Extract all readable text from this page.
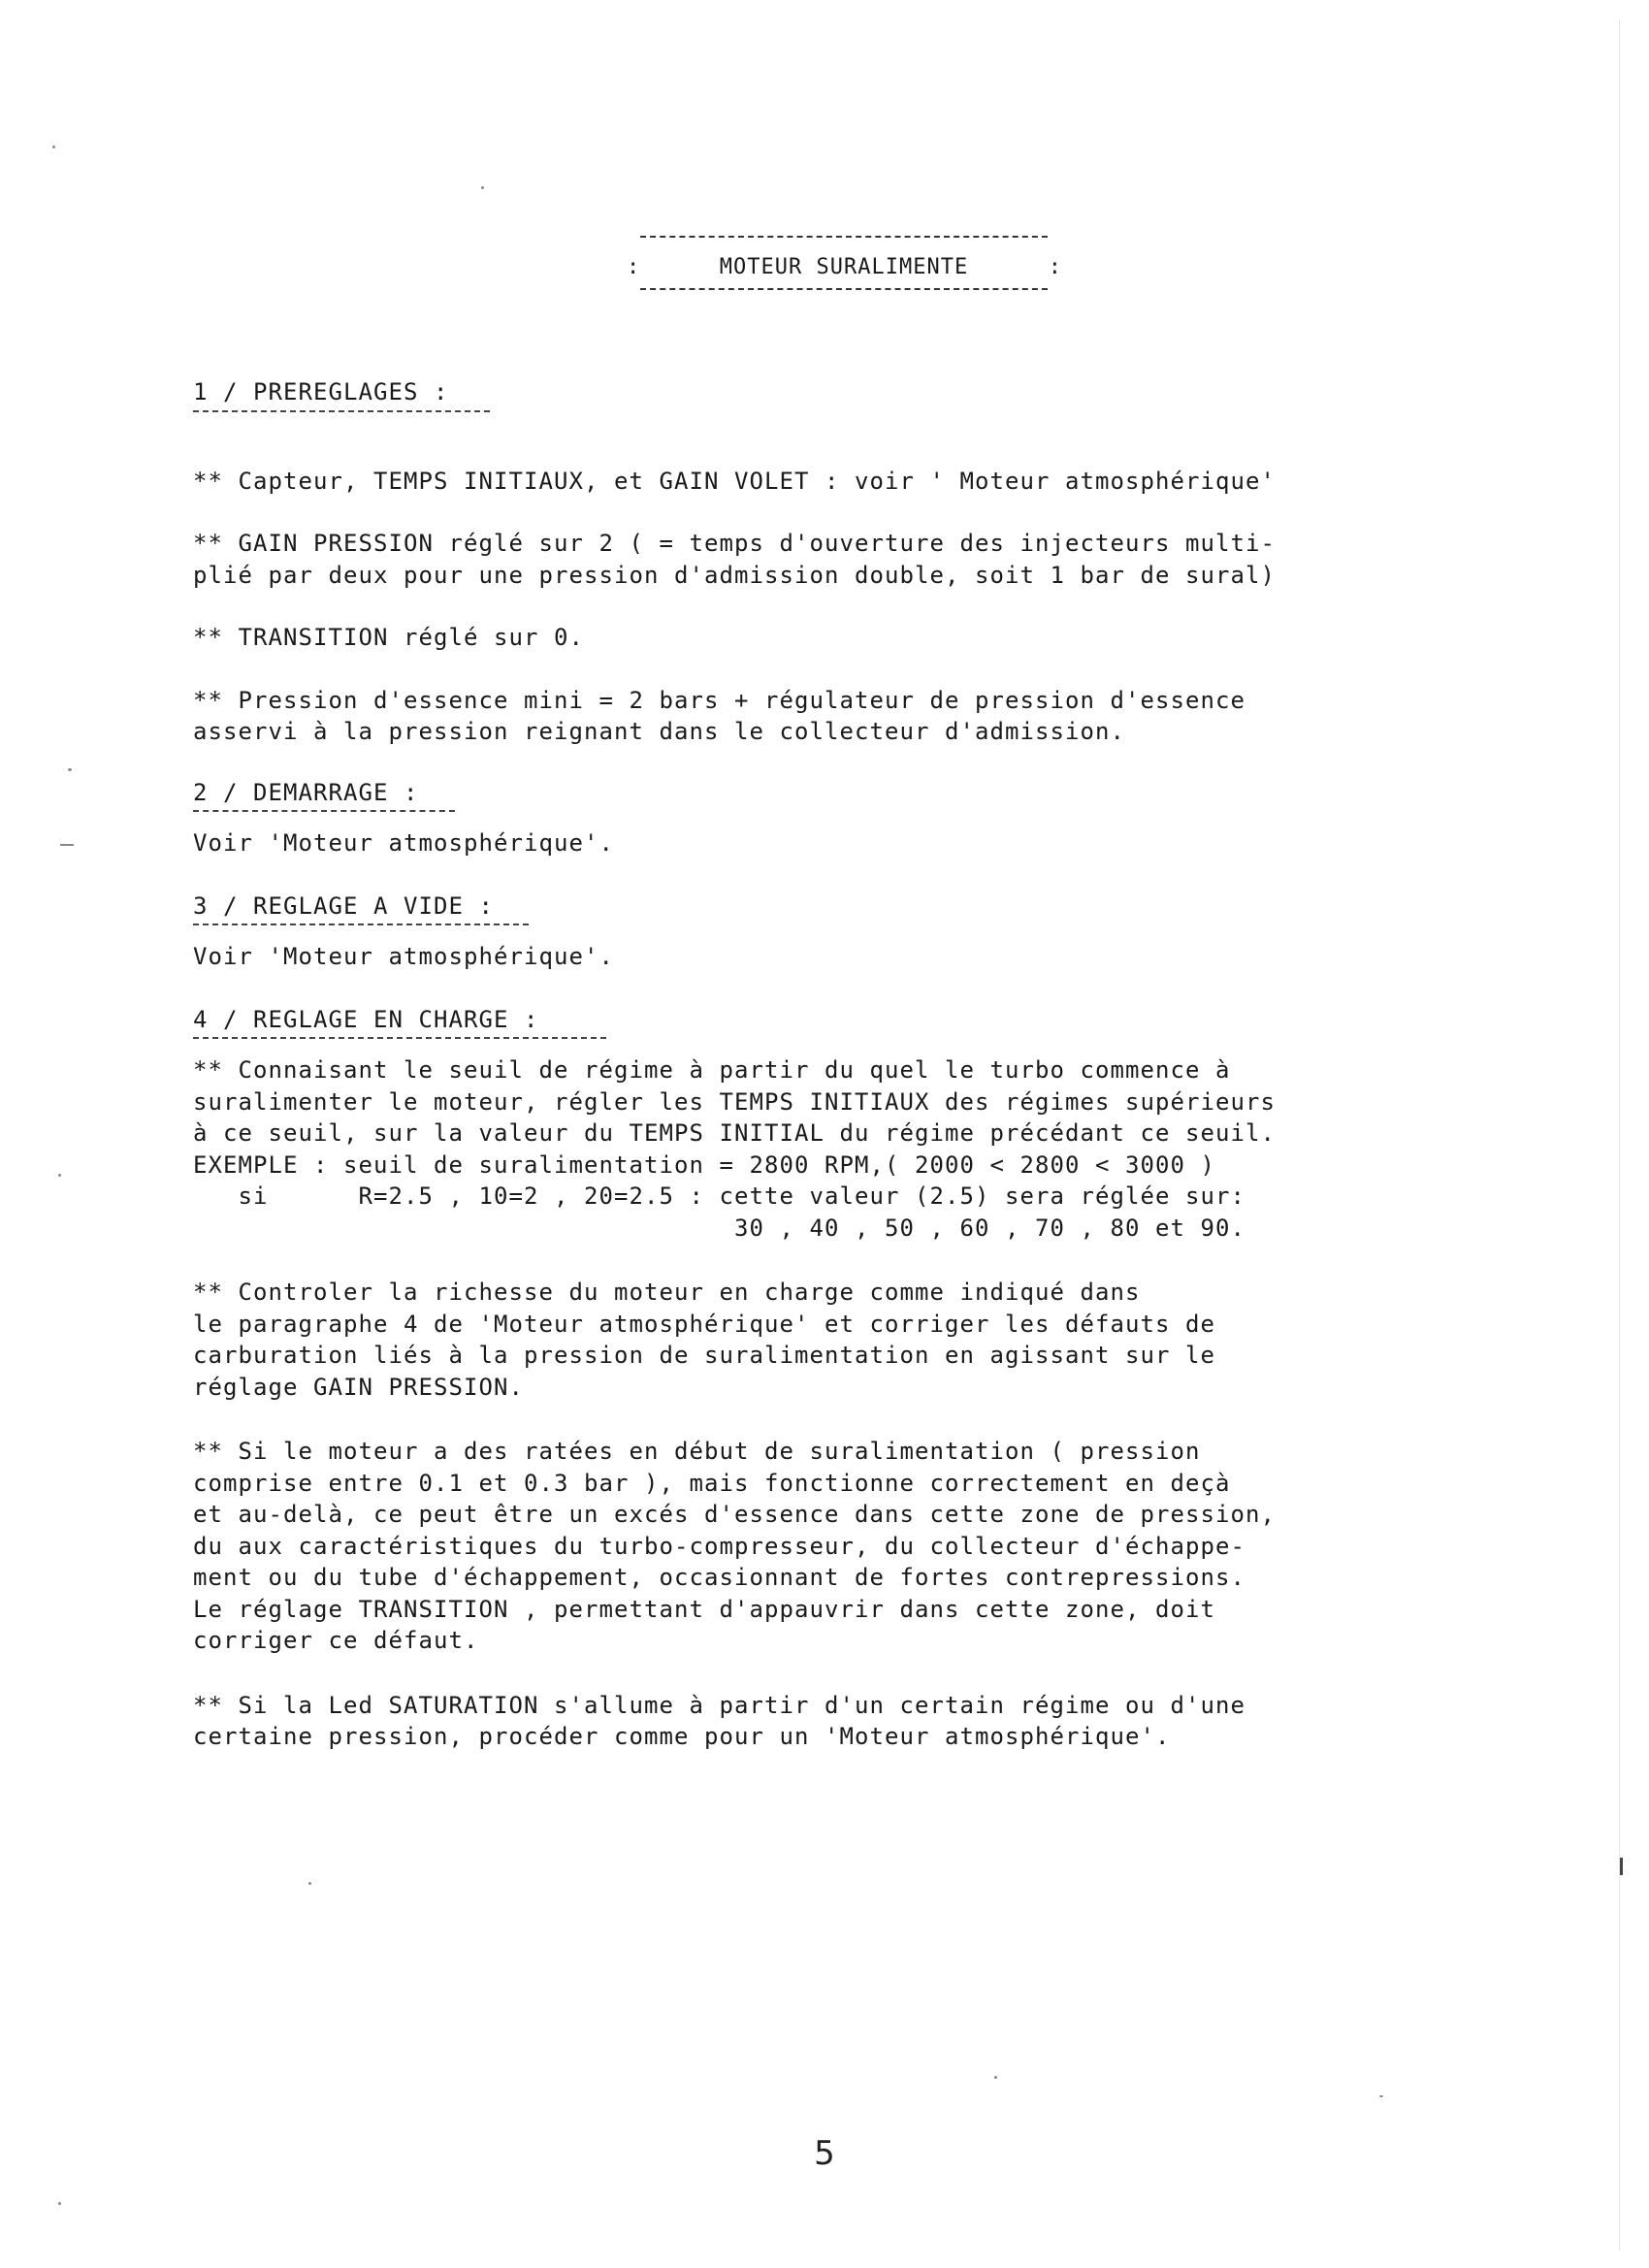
:	MOTEUR SURALIMENTE	:

1 / PREREGLAGES :

** Capteur, TEMPS INITIAUX, et GAIN VOLET : voir ' Moteur atmosphérique'

** GAIN PRESSION réglé sur 2 ( = temps d'ouverture des injecteurs multi-

plié par deux pour une pression d'admission double, soit 1 bar de sural)

** TRANSITION réglé sur 0.

** Pression d'essence mini = 2 bars + régulateur de pression d'essence

asservi à la pression reignant dans le collecteur d'admission.

2 / DEMARRAGE :

Voir 'Moteur atmosphérique'.

3 / REGLAGE A VIDE :

Voir 'Moteur atmosphérique'.

4 / REGLAGE EN CHARGE :

** Connaisant le seuil de régime à partir du quel le turbo commence à

suralimenter le moteur, régler les TEMPS INITIAUX des régimes supérieurs

à ce seuil, sur la valeur du TEMPS INITIAL du régime précédant ce seuil.

EXEMPLE : seuil de suralimentation = 2800 RPM,( 2000 < 2800 < 3000 )

si      R=2.5 , 10=2 , 20=2.5 : cette valeur (2.5) sera réglée sur:

30 , 40 , 50 , 60 , 70 , 80 et 90.

** Controler la richesse du moteur en charge comme indiqué dans

le paragraphe 4 de 'Moteur atmosphérique' et corriger les défauts de

carburation liés à la pression de suralimentation en agissant sur le

réglage GAIN PRESSION.

** Si le moteur a des ratées en début de suralimentation ( pression

comprise entre 0.1 et 0.3 bar ), mais fonctionne correctement en deçà

et au-delà, ce peut être un excés d'essence dans cette zone de pression,

du aux caractéristiques du turbo-compresseur, du collecteur d'échappe-

ment ou du tube d'échappement, occasionnant de fortes contrepressions.

Le réglage TRANSITION , permettant d'appauvrir dans cette zone, doit

corriger ce défaut.

** Si la Led SATURATION s'allume à partir d'un certain régime ou d'une

certaine pression, procéder comme pour un 'Moteur atmosphérique'.

5
